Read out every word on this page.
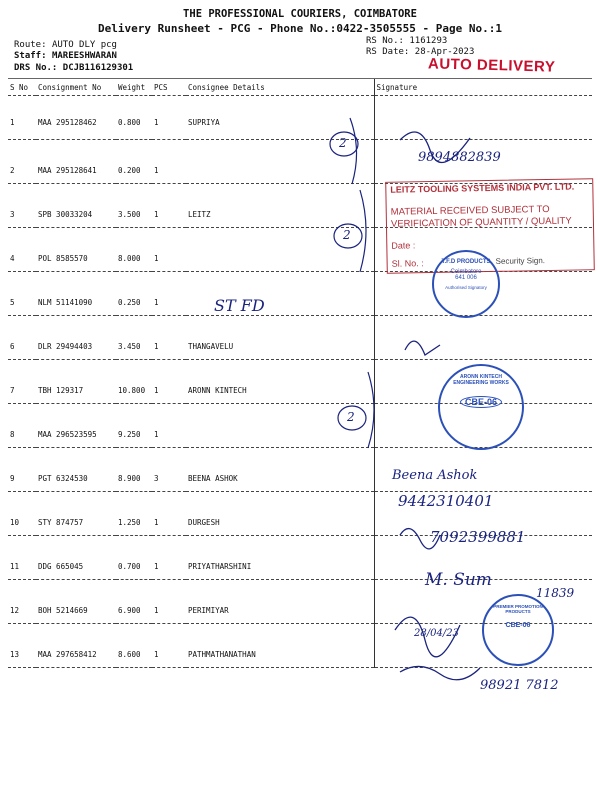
THE PROFESSIONAL COURIERS, COIMBATORE
Delivery Runsheet - PCG - Phone No.:0422-3505555 - Page No.:1
Route: AUTO DLY pcg
Staff: MAREESHWARAN
DRS No.: DCJB116129301
RS No.: 1161293
RS Date: 28-Apr-2023
AUTO DELIVERY
S No	Consignment No	Weight	PCS	Consignee Details	Signature
1	MAA 295128462	0.800	1	SUPRIYA	
2	MAA 295128641	0.200	1		
3	SPB 30033204	3.500	1	LEITZ	
4	POL 8585570	8.000	1		
5	NLM 51141090	0.250	1		
6	DLR 29494403	3.450	1	THANGAVELU	
7	TBH 129317	10.800	1	ARONN KINTECH	
8	MAA 296523595	9.250	1		
9	PGT 6324530	8.900	3	BEENA ASHOK	
10	STY 874757	1.250	1	DURGESH	
11	DDG 665045	0.700	1	PRIYATHARSHINI	
12	BOH 5214669	6.900	1	PERIMIYAR	
13	MAA 297658412	8.600	1	PATHMATHANATHAN	
2
2
2
ST FD
9894882839
Beena Ashok
9442310401
7092399881
M. Sum
11839
28/04/23
98921 7812
LEITZ TOOLING SYSTEMS INDIA PVT. LTD.
MATERIAL RECEIVED SUBJECT TO
VERIFICATION OF QUANTITY / QUALITY
Date :
Sl. No. :	Security Sign.
T.F.D PRODUCTS
Coimbatore
641 006
Authorised Signatory
ARONN KINTECH ENGINEERING WORKS
CBE-06
PREMIER PROMOTION PRODUCTS
CBE-06
